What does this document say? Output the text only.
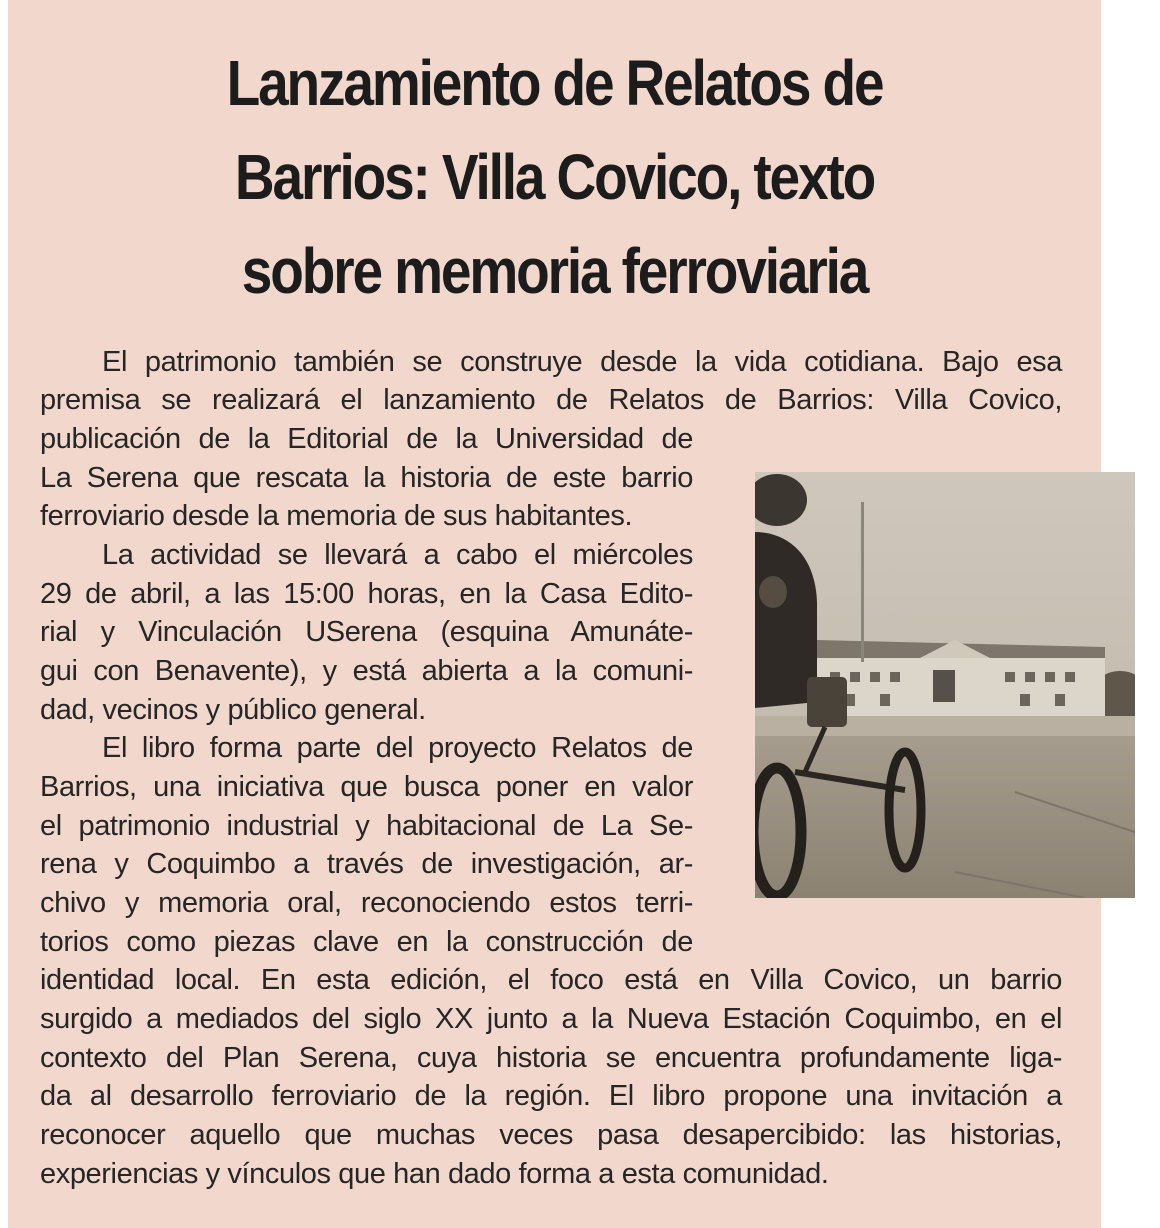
Lanzamiento de Relatos de
Barrios: Villa Covico, texto
sobre memoria ferroviaria

El patrimonio también se construye desde la vida cotidiana. Bajo esa

premisa se realizará el lanzamiento de Relatos de Barrios: Villa Covico,

publicación de la Editorial de la Universidad de

La Serena que rescata la historia de este barrio

ferroviario desde la memoria de sus habitantes.

La actividad se llevará a cabo el miércoles

29 de abril, a las 15:00 horas, en la Casa Edito-

rial y Vinculación USerena (esquina Amunáte-

gui con Benavente), y está abierta a la comuni-

dad, vecinos y público general.

El libro forma parte del proyecto Relatos de

Barrios, una iniciativa que busca poner en valor

el patrimonio industrial y habitacional de La Se-

rena y Coquimbo a través de investigación, ar-

chivo y memoria oral, reconociendo estos terri-

torios como piezas clave en la construcción de

identidad local. En esta edición, el foco está en Villa Covico, un barrio

surgido a mediados del siglo XX junto a la Nueva Estación Coquimbo, en el

contexto del Plan Serena, cuya historia se encuentra profundamente liga-

da al desarrollo ferroviario de la región. El libro propone una invitación a

reconocer aquello que muchas veces pasa desapercibido: las historias,

experiencias y vínculos que han dado forma a esta comunidad.
